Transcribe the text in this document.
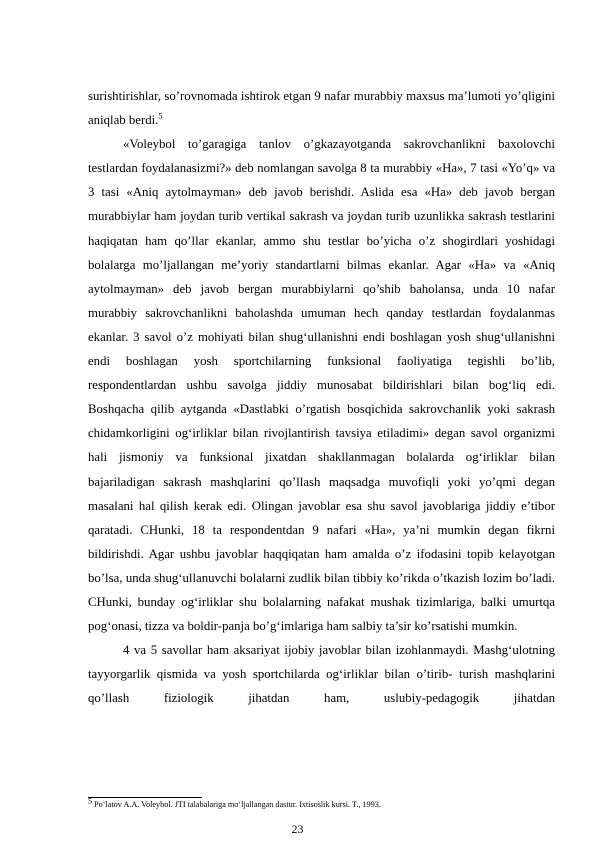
surishtirishlar, so’rovnomada ishtirok etgan 9 nafar murabbiy maxsus ma’lumoti yo’qligini aniqlab berdi.$^5$

«Voleybol to’garagiga tanlov o’gkazayotganda sakrovchanlikni baxolovchi testlardan foydalanasizmi?» deb nomlangan savolga 8 ta murabbiy «Ha», 7 tasi «Yo’q» va 3 tasi «Aniq aytolmayman» deb javob berishdi. Aslida esa «Ha» deb javob bergan murabbiylar ham joydan turib vertikal sakrash va joydan turib uzunlikka sakrash testlarini haqiqatan ham qo’llar ekanlar, ammo shu testlar bo’yicha o’z shogirdlari yoshidagi bolalarga mo’ljallangan me’yoriy standartlarni bilmas ekanlar. Agar «Ha» va «Aniq aytolmayman» deb javob bergan murabbiylarni qo’shib baholansa, unda 10 nafar murabbiy sakrovchanlikni baholashda umuman hech qanday testlardan foydalanmas ekanlar. 3 savol o’z mohiyati bilan shug‘ullanishni endi boshlagan yosh shug‘ullanishni endi boshlagan yosh sportchilarning funksional faoliyatiga tegishli bo’lib, respondentlardan ushbu savolga jiddiy munosabat bildirishlari bilan bog‘liq edi. Boshqacha qilib aytganda «Dastlabki o’rgatish bosqichida sakrovchanlik yoki sakrash chidamkorligini og‘irliklar bilan rivojlantirish tavsiya etiladimi» degan savol organizmi hali jismoniy va funksional jixatdan shakllanmagan bolalarda og‘irliklar bilan bajariladigan sakrash mashqlarini qo’llash maqsadga muvofiqli yoki yo’qmi degan masalani hal qilish kerak edi. Olingan javoblar esa shu savol javoblariga jiddiy e’tibor qaratadi. CHunki, 18 ta respondentdan 9 nafari «Ha», ya’ni mumkin degan fikrni bildirishdi. Agar ushbu javoblar haqqiqatan ham amalda o’z ifodasini topib kelayotgan bo’lsa, unda shug‘ullanuvchi bolalarni zudlik bilan tibbiy ko’rikda o’tkazish lozim bo’ladi. CHunki, bunday og‘irliklar shu bolalarning nafakat mushak tizimlariga, balki umurtqa pog‘onasi, tizza va boldir-panja bo’g‘imlariga ham salbiy ta’sir ko’rsatishi mumkin.

4 va 5 savollar ham aksariyat ijobiy javoblar bilan izohlanmaydi. Mashg‘ulotning tayyorgarlik qismida va yosh sportchilarda og‘irliklar bilan o’tirib- turish mashqlarini qo’llash fiziologik jihatdan ham, uslubiy-pedagogik jihatdan

$^5$ Po‘latov A.A. Voleybol. JTI talabalariga mo‘ljallangan dastur. Ixtisoslik kursi. T., 1993.
23
